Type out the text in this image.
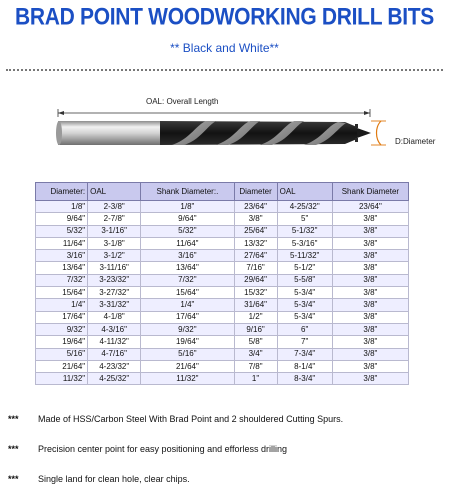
BRAD POINT WOODWORKING DRILL BITS
** Black and White**
OAL: Overall Length
D:Diameter
Diameter:	OAL	Shank Diameter:.	Diameter	OAL	Shank Diameter
1/8"	2-3/8"	1/8"	23/64"	4-25/32"	23/64"
9/64"	2-7/8"	9/64"	3/8"	5"	3/8"
5/32"	3-1/16"	5/32"	25/64"	5-1/32"	3/8"
11/64"	3-1/8"	11/64"	13/32"	5-3/16"	3/8"
3/16"	3-1/2"	3/16"	27/64"	5-11/32"	3/8"
13/64"	3-11/16"	13/64"	7/16"	5-1/2"	3/8"
7/32"	3-23/32"	7/32"	29/64"	5-5/8"	3/8"
15/64"	3-27/32"	15/64"	15/32"	5-3/4"	3/8"
1/4"	3-31/32"	1/4"	31/64"	5-3/4"	3/8"
17/64"	4-1/8"	17/64"	1/2"	5-3/4"	3/8"
9/32"	4-3/16"	9/32"	9/16"	6"	3/8"
19/64"	4-11/32"	19/64"	5/8"	7"	3/8"
5/16"	4-7/16"	5/16"	3/4"	7-3/4"	3/8"
21/64"	4-23/32"	21/64"	7/8"	8-1/4"	3/8"
11/32"	4-25/32"	11/32"	1"	8-3/4"	3/8"
*** Made of HSS/Carbon Steel With Brad Point and 2 shouldered Cutting Spurs.
*** Precision center point for easy positioning and efforless drilling
*** Single land for clean hole, clear chips.
